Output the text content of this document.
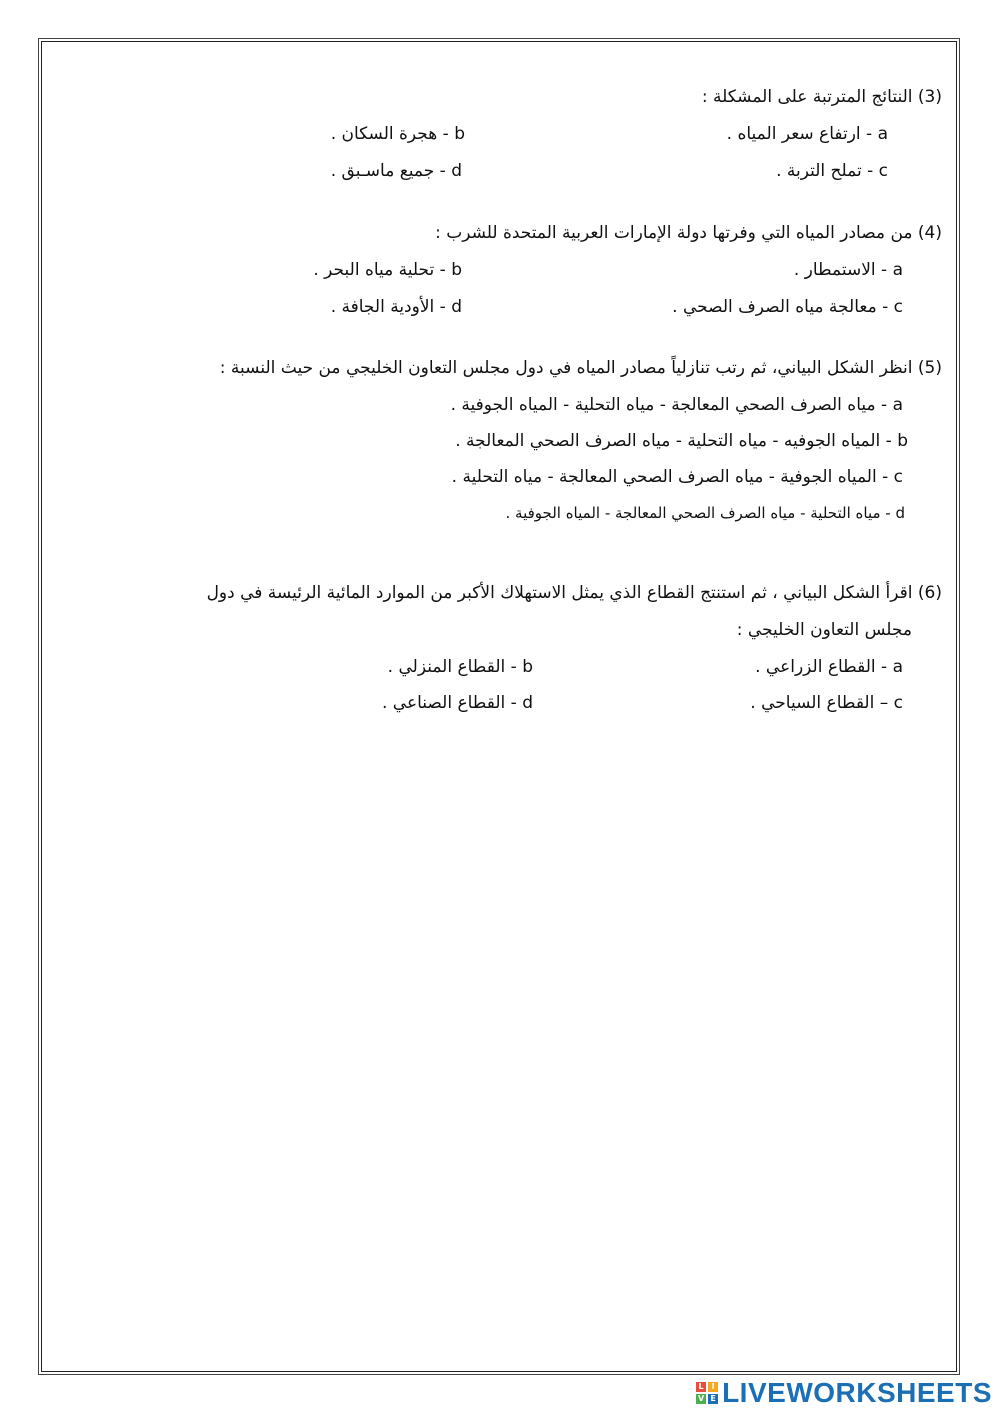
(3) النتائج المترتبة على المشكلة :
a - ارتفاع سعر المياه .
b - هجرة السكان .
c - تملح التربة .
d - جميع ماسـبق .
(4) من مصادر المياه التي وفرتها دولة الإمارات العربية المتحدة للشرب :
a - الاستمطار .
b - تحلية مياه البحر .
c - معالجة مياه الصرف الصحي .
d - الأودية الجافة .
(5) انظر الشكل البياني، ثم رتب تنازلياً مصادر المياه في دول مجلس التعاون الخليجي من حيث النسبة :
a - مياه الصرف الصحي المعالجة - مياه التحلية - المياه الجوفية .
b - المياه الجوفيه - مياه التحلية - مياه الصرف الصحي المعالجة .
c - المياه الجوفية - مياه الصرف الصحي المعالجة - مياه التحلية .
d - مياه التحلية - مياه الصرف الصحي المعالجة - المياه الجوفية .
(6) اقرأ الشكل البياني ، ثم استنتج القطاع الذي يمثل الاستهلاك الأكبر من الموارد المائية الرئيسة في دول
مجلس التعاون الخليجي :
a - القطاع الزراعي .
b - القطاع المنزلي .
c – القطاع السياحي .
d - القطاع الصناعي .
L I
V E LIVEWORKSHEETS
